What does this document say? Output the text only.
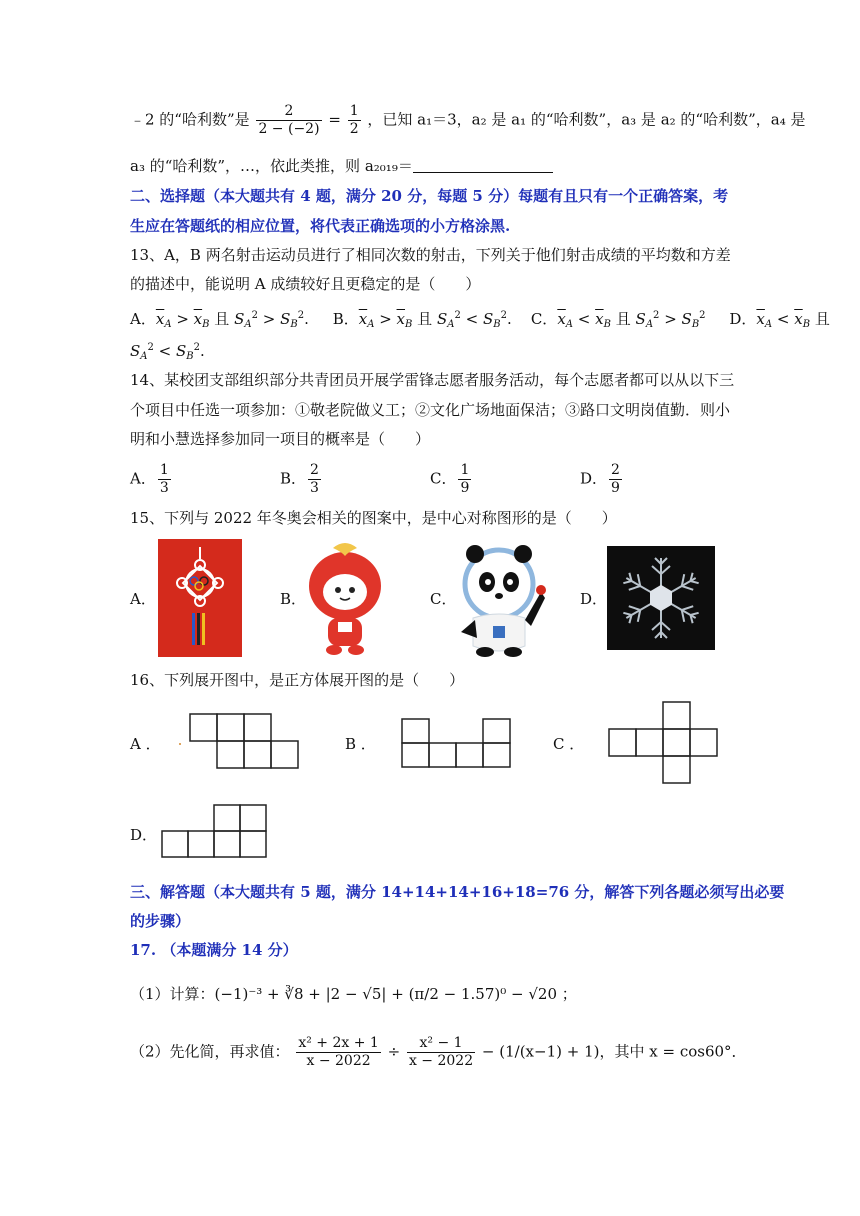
﹣2 的“哈利数”是 $\frac{2}{2 - (-2)} = \frac{1}{2}$ ，已知 a₁＝3，a₂ 是 a₁ 的“哈利数”，a₃ 是 a₂ 的“哈利数”，a₄ 是
a₃ 的“哈利数”，…，依此类推，则 a₂₀₁₉＝
二、选择题（本大题共有 4 题，满分 20 分，每题 5 分）每题有且只有一个正确答案，考
生应在答题纸的相应位置，将代表正确选项的小方格涂黑.
13、A，B 两名射击运动员进行了相同次数的射击，下列关于他们射击成绩的平均数和方差
的描述中，能说明 A 成绩较好且更稳定的是（　　）
A．$\overline{x}_A > \overline{x}_B$ 且 $S_A^2 > S_B^2$. B．$\overline{x}_A > \overline{x}_B$ 且 $S_A^2 < S_B^2$. C．$\overline{x}_A < \overline{x}_B$ 且 $S_A^2 > S_B^2$ D．$\overline{x}_A < \overline{x}_B$ 且
$S_A^2 < S_B^2$.
14、某校团支部组织部分共青团员开展学雷锋志愿者服务活动，每个志愿者都可以从以下三
个项目中任选一项参加：①敬老院做义工；②文化广场地面保洁；③路口文明岗值勤．则小
明和小慧选择参加同一项目的概率是（　　）
A． $\frac{1}{3}$	B． $\frac{2}{3}$	C． $\frac{1}{9}$	D． $\frac{2}{9}$
15、下列与 2022 年冬奥会相关的图案中，是中心对称图形的是（　　）
A．	B．	C．	D．
16、下列展开图中，是正方体展开图的是（　　）
A ．	B ．	C ．
D．
三、解答题（本大题共有 5 题，满分 14+14+14+16+18=76 分，解答下列各题必须写出必要
的步骤）
17. （本题满分 14 分）
（1）计算：(−1)⁻³ + ∛8 + |2 − √5| + (π/2 − 1.57)⁰ − √20 ；
（2）先化简，再求值： $\frac{\text{x² + 2x + 1}}{x - 2022} \div \frac{\text{x² − 1}}{x - 2022} - (1/(x-1) + 1)$，其中 x = cos60°．
